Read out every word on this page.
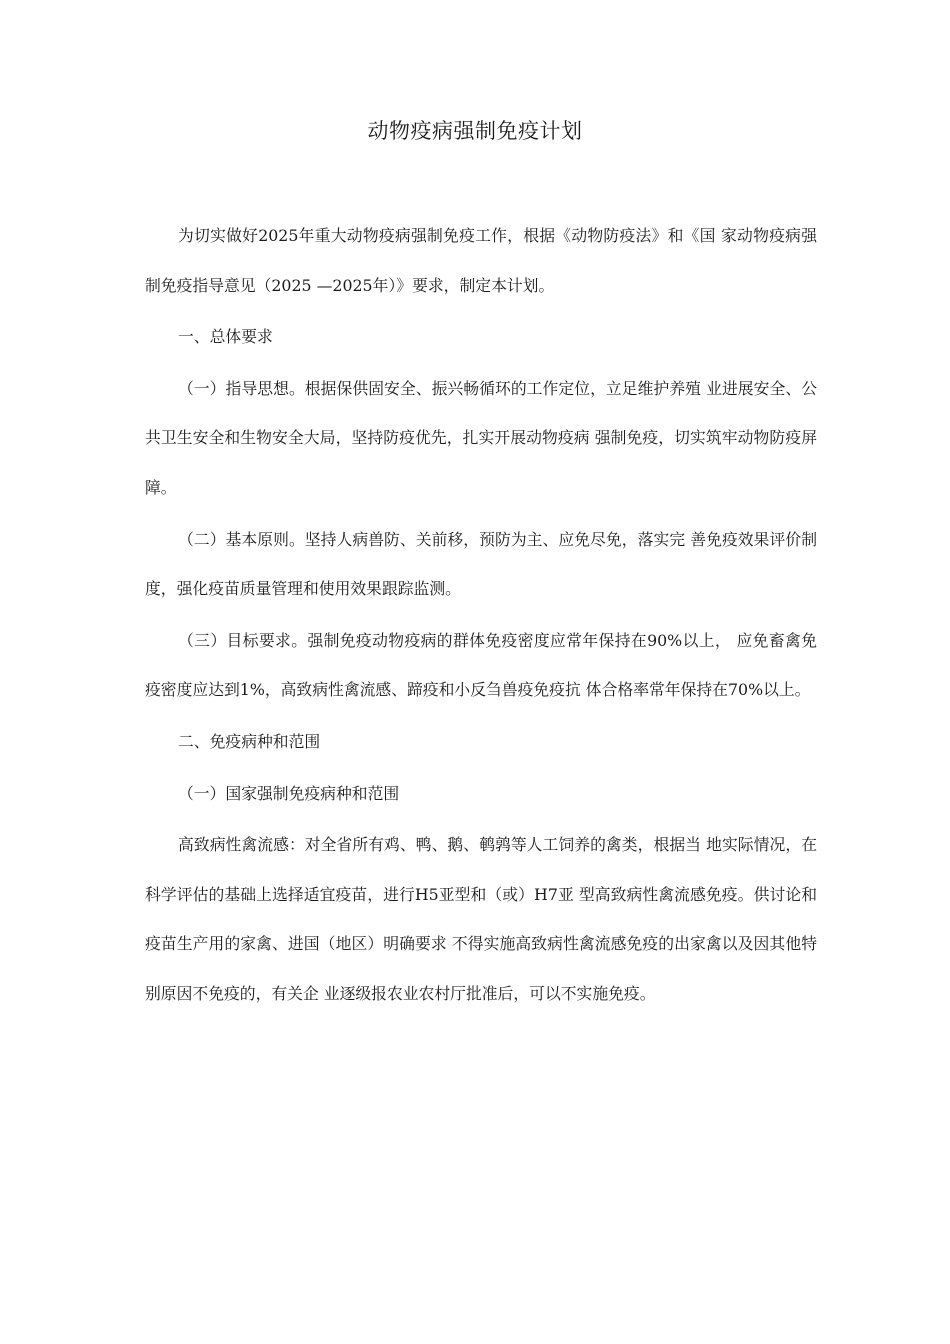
动物疫病强制免疫计划

为切实做好2025年重大动物疫病强制免疫工作，根据《动物防疫法》和《国 家动物疫病强制免疫指导意见（2025 —2025年）》要求，制定本计划。

一、总体要求

（一）指导思想。根据保供固安全、振兴畅循环的工作定位，立足维护养殖 业进展安全、公共卫生安全和生物安全大局，坚持防疫优先，扎实开展动物疫病 强制免疫，切实筑牢动物防疫屏障。

（二）基本原则。坚持人病兽防、关前移，预防为主、应免尽免，落实完 善免疫效果评价制度，强化疫苗质量管理和使用效果跟踪监测。

（三）目标要求。强制免疫动物疫病的群体免疫密度应常年保持在90%以上， 应免畜禽免疫密度应达到1%，高致病性禽流感、蹄疫和小反刍兽疫免疫抗 体合格率常年保持在70%以上。

二、免疫病种和范围

（一）国家强制免疫病种和范围

高致病性禽流感：对全省所有鸡、鸭、鹅、鹌鹑等人工饲养的禽类，根据当 地实际情况，在科学评估的基础上选择适宜疫苗，进行H5亚型和（或）H7亚 型高致病性禽流感免疫。供讨论和疫苗生产用的家禽、进国（地区）明确要求 不得实施高致病性禽流感免疫的出家禽以及因其他特别原因不免疫的，有关企 业逐级报农业农村厅批准后，可以不实施免疫。
